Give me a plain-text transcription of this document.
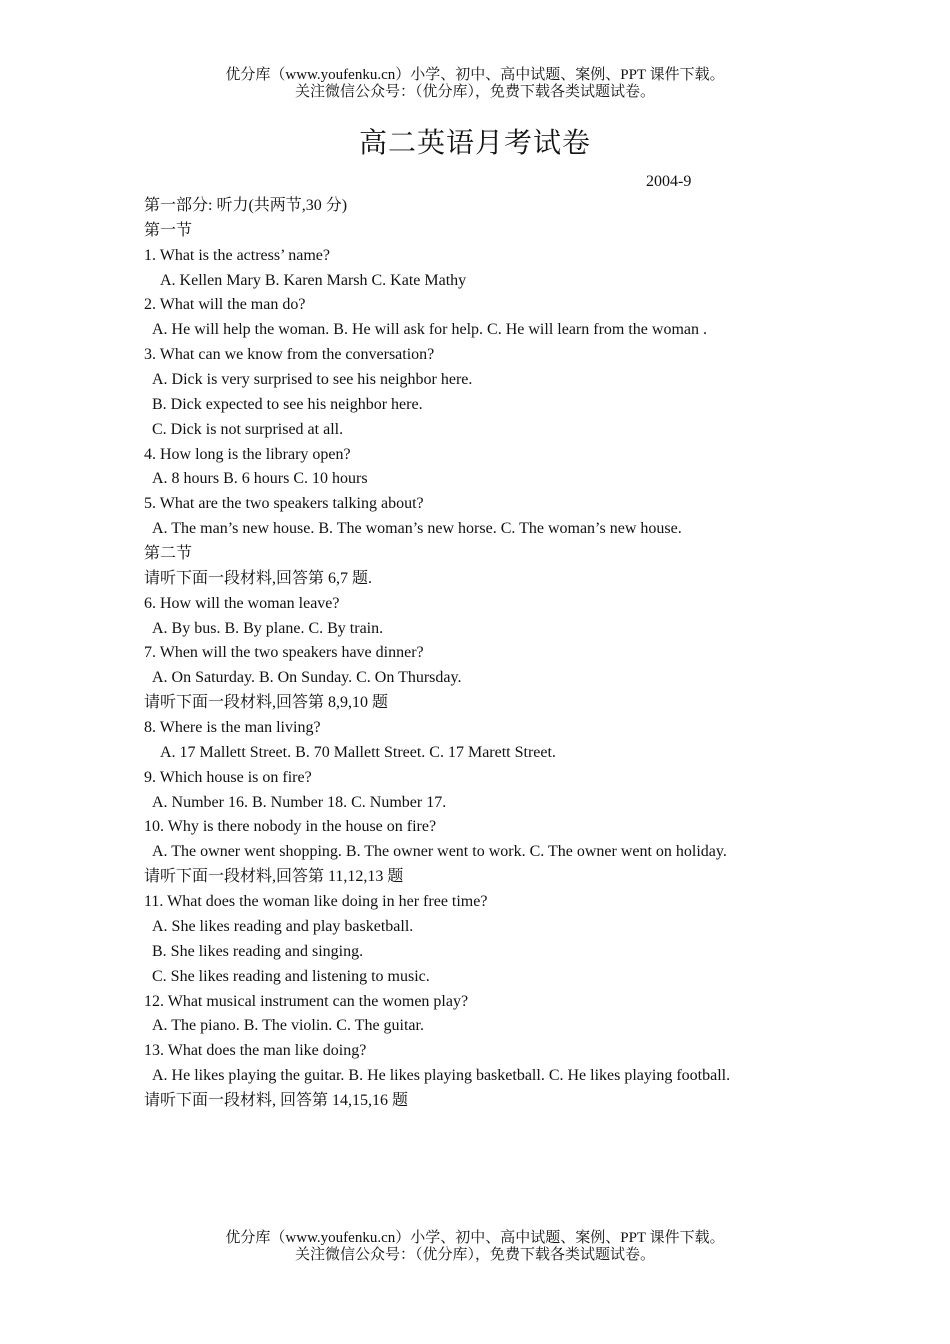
优分库（www.youfenku.cn）小学、初中、高中试题、案例、PPT 课件下载。
关注微信公众号：（优分库），免费下载各类试题试卷。
高二英语月考试卷
2004-9
第一部分: 听力(共两节,30 分)
第一节
1. What is the actress’ name?
A. Kellen Mary B. Karen Marsh C. Kate Mathy
2. What will the man do?
A. He will help the woman. B. He will ask for help. C. He will learn from the woman .
3. What can we know from the conversation?
A. Dick is very surprised to see his neighbor here.
B. Dick expected to see his neighbor here.
C. Dick is not surprised at all.
4. How long is the library open?
A. 8 hours B. 6 hours C. 10 hours
5. What are the two speakers talking about?
A. The man’s new house. B. The woman’s new horse. C. The woman’s new house.
第二节
请听下面一段材料,回答第 6,7 题.
6. How will the woman leave?
A. By bus. B. By plane. C. By train.
7. When will the two speakers have dinner?
A. On Saturday. B. On Sunday. C. On Thursday.
请听下面一段材料,回答第 8,9,10 题
8. Where is the man living?
A. 17 Mallett Street. B. 70 Mallett Street. C. 17 Marett Street.
9. Which house is on fire?
A. Number 16. B. Number 18. C. Number 17.
10. Why is there nobody in the house on fire?
A. The owner went shopping. B. The owner went to work. C. The owner went on holiday.
请听下面一段材料,回答第 11,12,13 题
11. What does the woman like doing in her free time?
A. She likes reading and play basketball.
B. She likes reading and singing.
C. She likes reading and listening to music.
12. What musical instrument can the women play?
A. The piano. B. The violin. C. The guitar.
13. What does the man like doing?
A. He likes playing the guitar. B. He likes playing basketball. C. He likes playing football.
请听下面一段材料, 回答第 14,15,16 题
优分库（www.youfenku.cn）小学、初中、高中试题、案例、PPT 课件下载。
关注微信公众号：（优分库），免费下载各类试题试卷。
